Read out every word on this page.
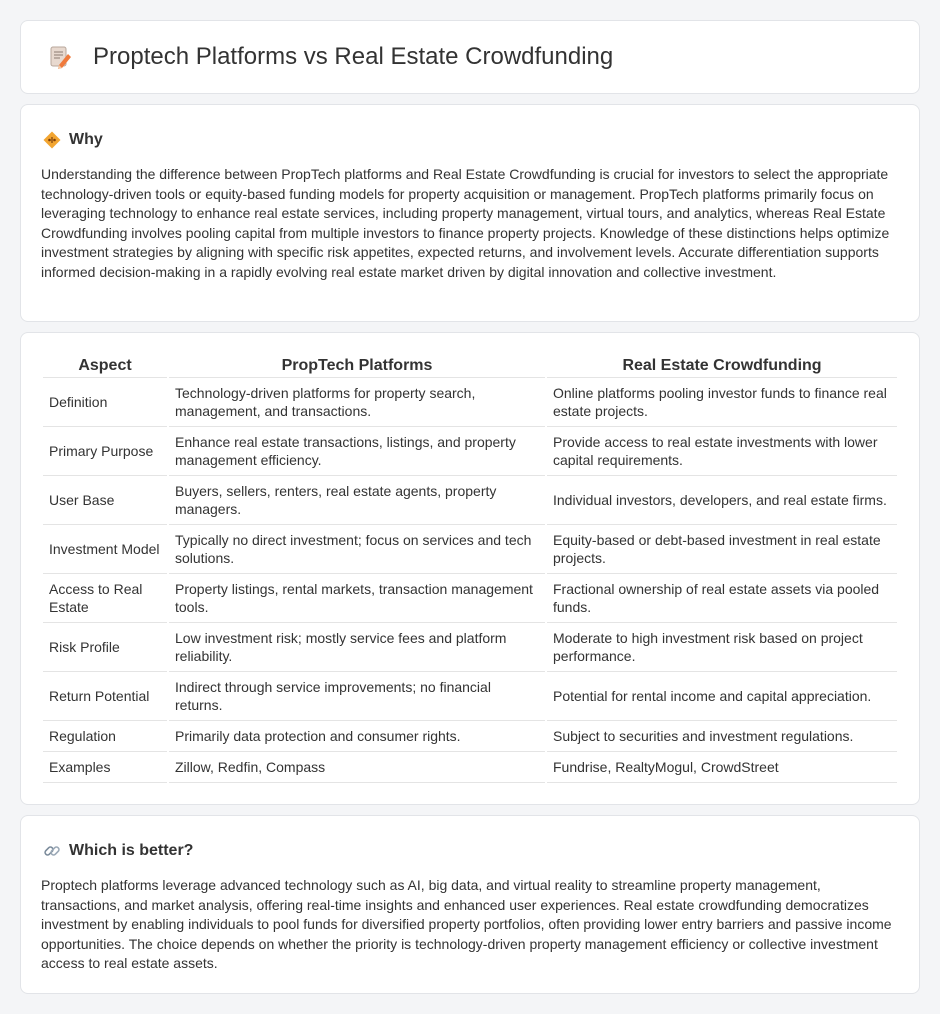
Proptech Platforms vs Real Estate Crowdfunding
Why

Understanding the difference between PropTech platforms and Real Estate Crowdfunding is crucial for investors to select the appropriate technology-driven tools or equity-based funding models for property acquisition or management. PropTech platforms primarily focus on leveraging technology to enhance real estate services, including property management, virtual tours, and analytics, whereas Real Estate Crowdfunding involves pooling capital from multiple investors to finance property projects. Knowledge of these distinctions helps optimize investment strategies by aligning with specific risk appetites, expected returns, and involvement levels. Accurate differentiation supports informed decision-making in a rapidly evolving real estate market driven by digital innovation and collective investment.

Aspect	PropTech Platforms	Real Estate Crowdfunding
Definition	Technology-driven platforms for property search, management, and transactions.	Online platforms pooling investor funds to finance real estate projects.
Primary Purpose	Enhance real estate transactions, listings, and property management efficiency.	Provide access to real estate investments with lower capital requirements.
User Base	Buyers, sellers, renters, real estate agents, property managers.	Individual investors, developers, and real estate firms.
Investment Model	Typically no direct investment; focus on services and tech solutions.	Equity-based or debt-based investment in real estate projects.
Access to Real Estate	Property listings, rental markets, transaction management tools.	Fractional ownership of real estate assets via pooled funds.
Risk Profile	Low investment risk; mostly service fees and platform reliability.	Moderate to high investment risk based on project performance.
Return Potential	Indirect through service improvements; no financial returns.	Potential for rental income and capital appreciation.
Regulation	Primarily data protection and consumer rights.	Subject to securities and investment regulations.
Examples	Zillow, Redfin, Compass	Fundrise, RealtyMogul, CrowdStreet
Which is better?

Proptech platforms leverage advanced technology such as AI, big data, and virtual reality to streamline property management, transactions, and market analysis, offering real-time insights and enhanced user experiences. Real estate crowdfunding democratizes investment by enabling individuals to pool funds for diversified property portfolios, often providing lower entry barriers and passive income opportunities. The choice depends on whether the priority is technology-driven property management efficiency or collective investment access to real estate assets.
